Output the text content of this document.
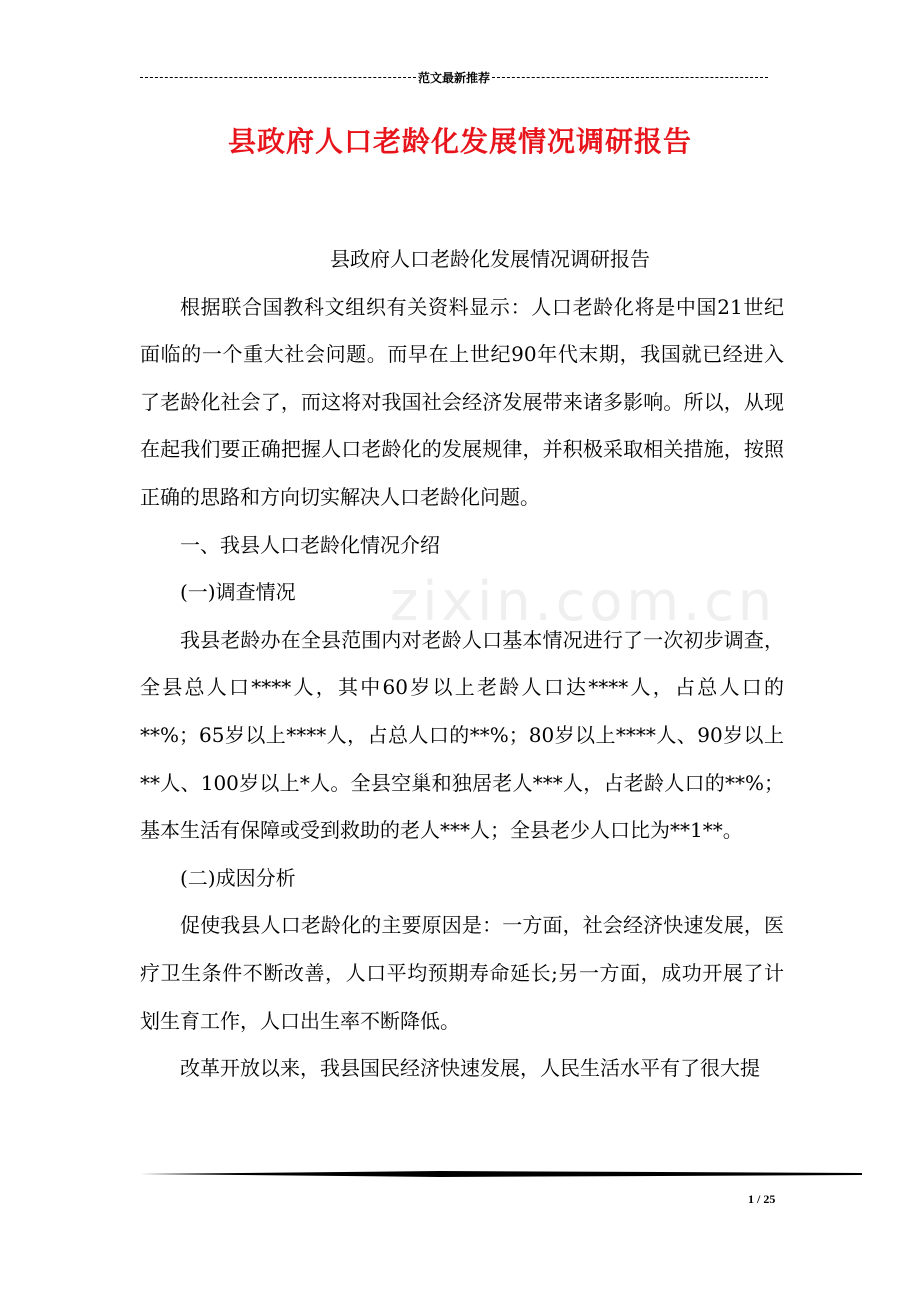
范文最新推荐
县政府人口老龄化发展情况调研报告
zixin.com.cn

县政府人口老龄化发展情况调研报告

根据联合国教科文组织有关资料显示：人口老龄化将是中国21世纪面临的一个重大社会问题。而早在上世纪90年代末期，我国就已经进入了老龄化社会了，而这将对我国社会经济发展带来诸多影响。所以，从现在起我们要正确把握人口老龄化的发展规律，并积极采取相关措施，按照正确的思路和方向切实解决人口老龄化问题。

一、我县人口老龄化情况介绍

(一)调查情况

我县老龄办在全县范围内对老龄人口基本情况进行了一次初步调查，全县总人口****人，其中60岁以上老龄人口达****人，占总人口的**%；65岁以上****人，占总人口的**%；80岁以上****人、90岁以上**人、100岁以上*人。全县空巢和独居老人***人，占老龄人口的**%；基本生活有保障或受到救助的老人***人；全县老少人口比为**1**。

(二)成因分析

促使我县人口老龄化的主要原因是：一方面，社会经济快速发展，医疗卫生条件不断改善，人口平均预期寿命延长;另一方面，成功开展了计划生育工作，人口出生率不断降低。

改革开放以来，我县国民经济快速发展，人民生活水平有了很大提

1 / 25
